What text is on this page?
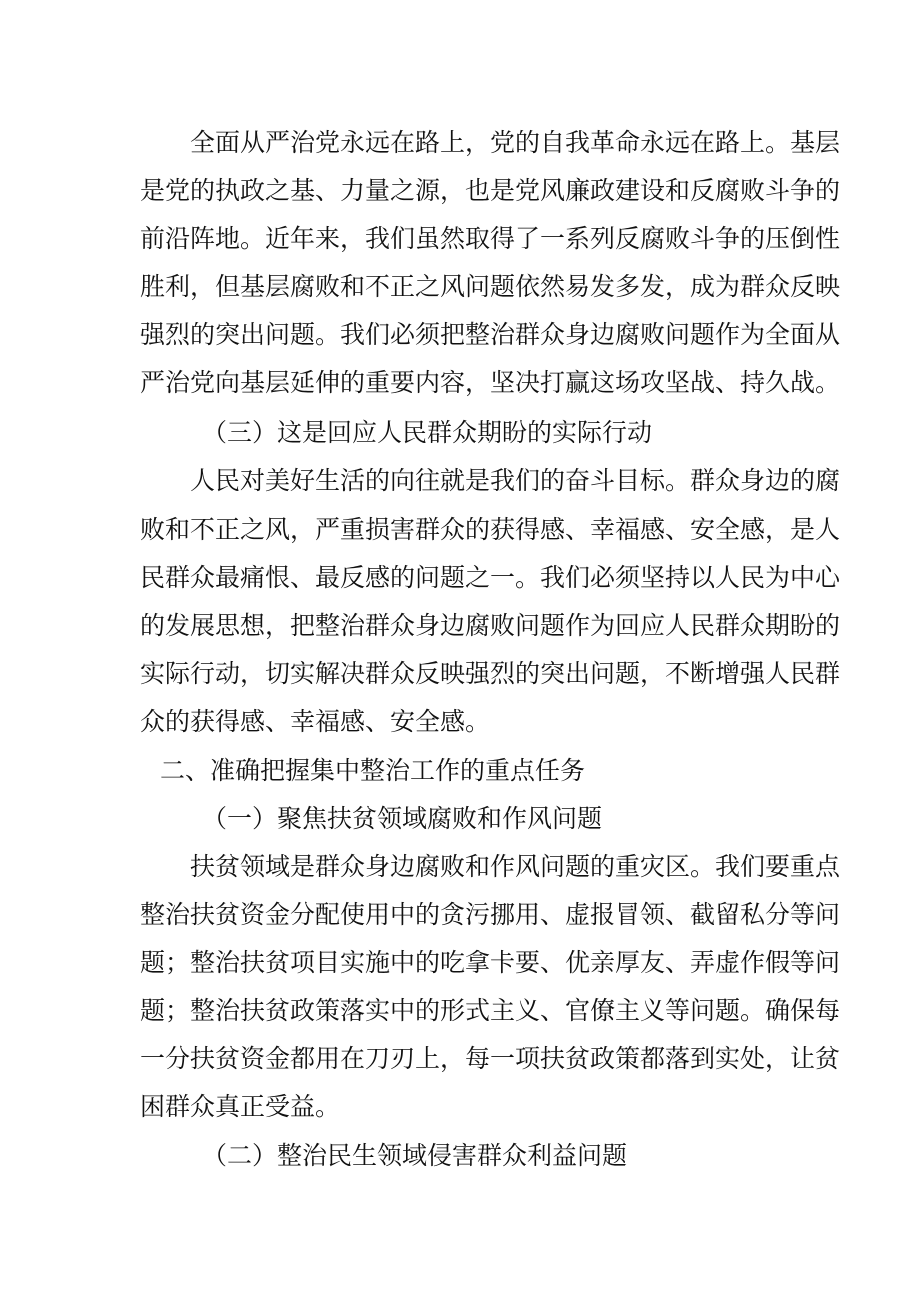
全面从严治党永远在路上，党的自我革命永远在路上。基层
是党的执政之基、力量之源，也是党风廉政建设和反腐败斗争的
前沿阵地。近年来，我们虽然取得了一系列反腐败斗争的压倒性
胜利，但基层腐败和不正之风问题依然易发多发，成为群众反映
强烈的突出问题。我们必须把整治群众身边腐败问题作为全面从
严治党向基层延伸的重要内容，坚决打赢这场攻坚战、持久战。
（三）这是回应人民群众期盼的实际行动
人民对美好生活的向往就是我们的奋斗目标。群众身边的腐
败和不正之风，严重损害群众的获得感、幸福感、安全感，是人
民群众最痛恨、最反感的问题之一。我们必须坚持以人民为中心
的发展思想，把整治群众身边腐败问题作为回应人民群众期盼的
实际行动，切实解决群众反映强烈的突出问题，不断增强人民群
众的获得感、幸福感、安全感。
二、准确把握集中整治工作的重点任务
（一）聚焦扶贫领域腐败和作风问题
扶贫领域是群众身边腐败和作风问题的重灾区。我们要重点
整治扶贫资金分配使用中的贪污挪用、虚报冒领、截留私分等问
题；整治扶贫项目实施中的吃拿卡要、优亲厚友、弄虚作假等问
题；整治扶贫政策落实中的形式主义、官僚主义等问题。确保每
一分扶贫资金都用在刀刃上，每一项扶贫政策都落到实处，让贫
困群众真正受益。
（二）整治民生领域侵害群众利益问题
